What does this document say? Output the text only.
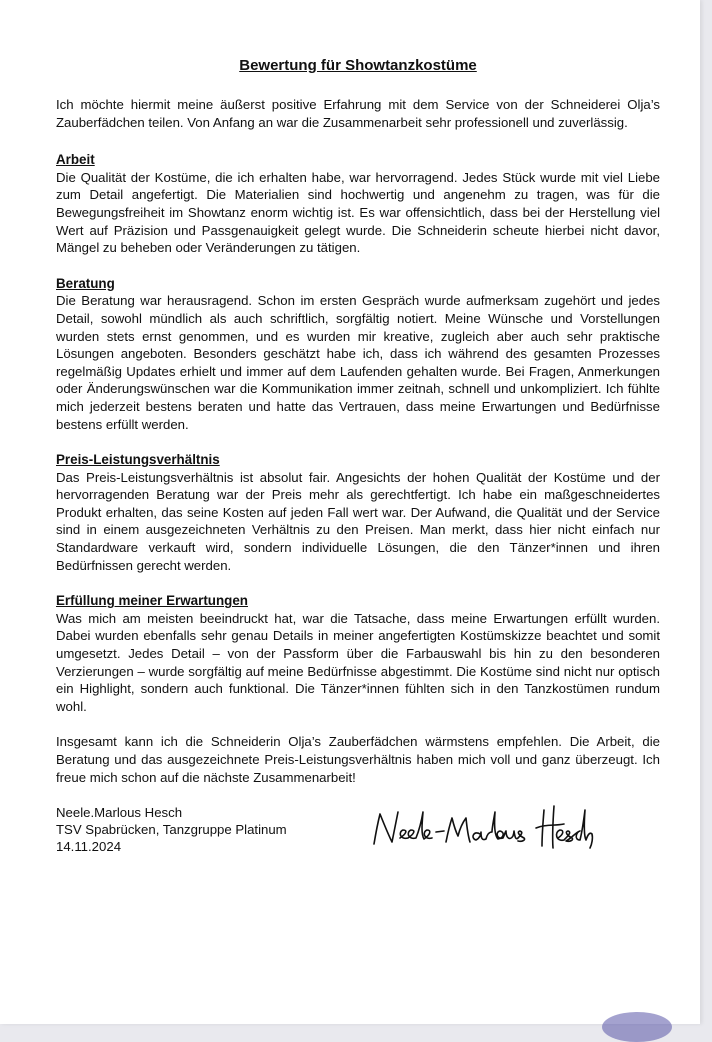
Bewertung für Showtanzkostüme

Ich möchte hiermit meine äußerst positive Erfahrung mit dem Service von der Schneiderei Olja’s Zauberfädchen teilen. Von Anfang an war die Zusammenarbeit sehr professionell und zuverlässig.

Arbeit

Die Qualität der Kostüme, die ich erhalten habe, war hervorragend. Jedes Stück wurde mit viel Liebe zum Detail angefertigt. Die Materialien sind hochwertig und angenehm zu tragen, was für die Bewegungsfreiheit im Showtanz enorm wichtig ist. Es war offensichtlich, dass bei der Herstellung viel Wert auf Präzision und Passgenauigkeit gelegt wurde. Die Schneiderin scheute hierbei nicht davor, Mängel zu beheben oder Veränderungen zu tätigen.

Beratung

Die Beratung war herausragend. Schon im ersten Gespräch wurde aufmerksam zugehört und jedes Detail, sowohl mündlich als auch schriftlich, sorgfältig notiert. Meine Wünsche und Vorstellungen wurden stets ernst genommen, und es wurden mir kreative, zugleich aber auch sehr praktische Lösungen angeboten. Besonders geschätzt habe ich, dass ich während des gesamten Prozesses regelmäßig Updates erhielt und immer auf dem Laufenden gehalten wurde. Bei Fragen, Anmerkungen oder Änderungswünschen war die Kommunikation immer zeitnah, schnell und unkompliziert. Ich fühlte mich jederzeit bestens beraten und hatte das Vertrauen, dass meine Erwartungen und Bedürfnisse bestens erfüllt werden.

Preis-Leistungsverhältnis

Das Preis-Leistungsverhältnis ist absolut fair. Angesichts der hohen Qualität der Kostüme und der hervorragenden Beratung war der Preis mehr als gerechtfertigt. Ich habe ein maßgeschneidertes Produkt erhalten, das seine Kosten auf jeden Fall wert war. Der Aufwand, die Qualität und der Service sind in einem ausgezeichneten Verhältnis zu den Preisen. Man merkt, dass hier nicht einfach nur Standardware verkauft wird, sondern individuelle Lösungen, die den Tänzer*innen und ihren Bedürfnissen gerecht werden.

Erfüllung meiner Erwartungen

Was mich am meisten beeindruckt hat, war die Tatsache, dass meine Erwartungen erfüllt wurden. Dabei wurden ebenfalls sehr genau Details in meiner angefertigten Kostümskizze beachtet und somit umgesetzt. Jedes Detail – von der Passform über die Farbauswahl bis hin zu den besonderen Verzierungen – wurde sorgfältig auf meine Bedürfnisse abgestimmt. Die Kostüme sind nicht nur optisch ein Highlight, sondern auch funktional. Die Tänzer*innen fühlten sich in den Tanzkostümen rundum wohl.

Insgesamt kann ich die Schneiderin Olja’s Zauberfädchen wärmstens empfehlen. Die Arbeit, die Beratung und das ausgezeichnete Preis-Leistungsverhältnis haben mich voll und ganz überzeugt. Ich freue mich schon auf die nächste Zusammenarbeit!

Neele.Marlous Hesch
TSV Spabrücken, Tanzgruppe Platinum
14.11.2024
